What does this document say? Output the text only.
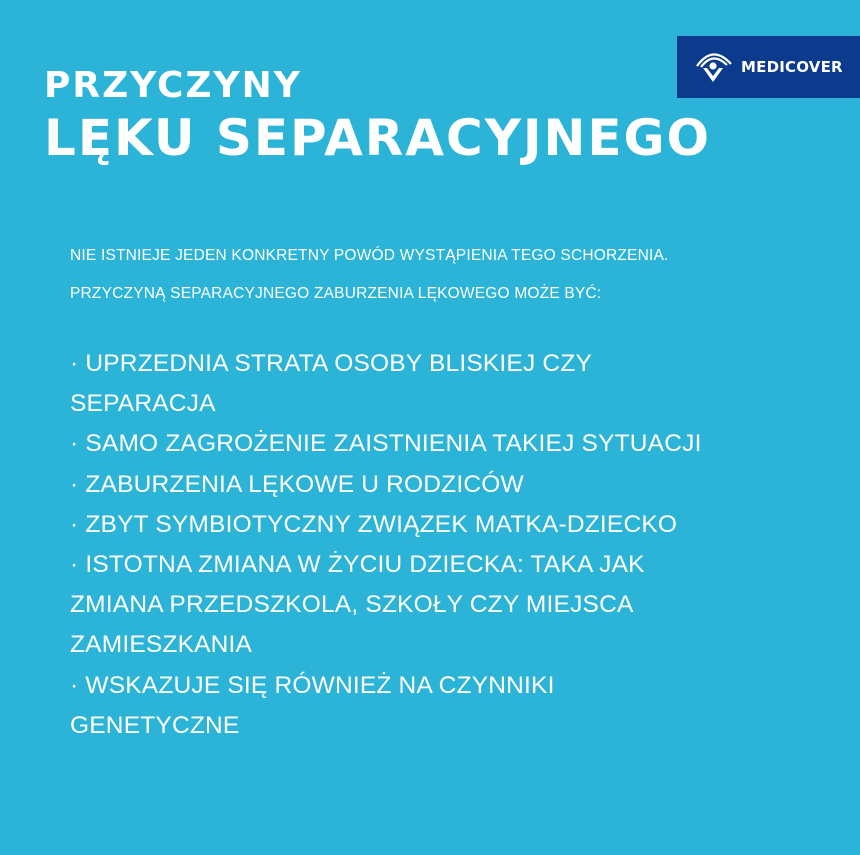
MEDICOVER
PRZYCZYNY
LĘKU SEPARACYJNEGO

NIE ISTNIEJE JEDEN KONKRETNY POWÓD WYSTĄPIENIA TEGO SCHORZENIA.

PRZYCZYNĄ SEPARACYJNEGO ZABURZENIA LĘKOWEGO MOŻE BYĆ:

· UPRZEDNIA STRATA OSOBY BLISKIEJ CZY
SEPARACJA
· SAMO ZAGROŻENIE ZAISTNIENIA TAKIEJ SYTUACJI
· ZABURZENIA LĘKOWE U RODZICÓW
· ZBYT SYMBIOTYCZNY ZWIĄZEK MATKA-DZIECKO
· ISTOTNA ZMIANA W ŻYCIU DZIECKA: TAKA JAK
ZMIANA PRZEDSZKOLA, SZKOŁY CZY MIEJSCA
ZAMIESZKANIA
· WSKAZUJE SIĘ RÓWNIEŻ NA CZYNNIKI
GENETYCZNE
